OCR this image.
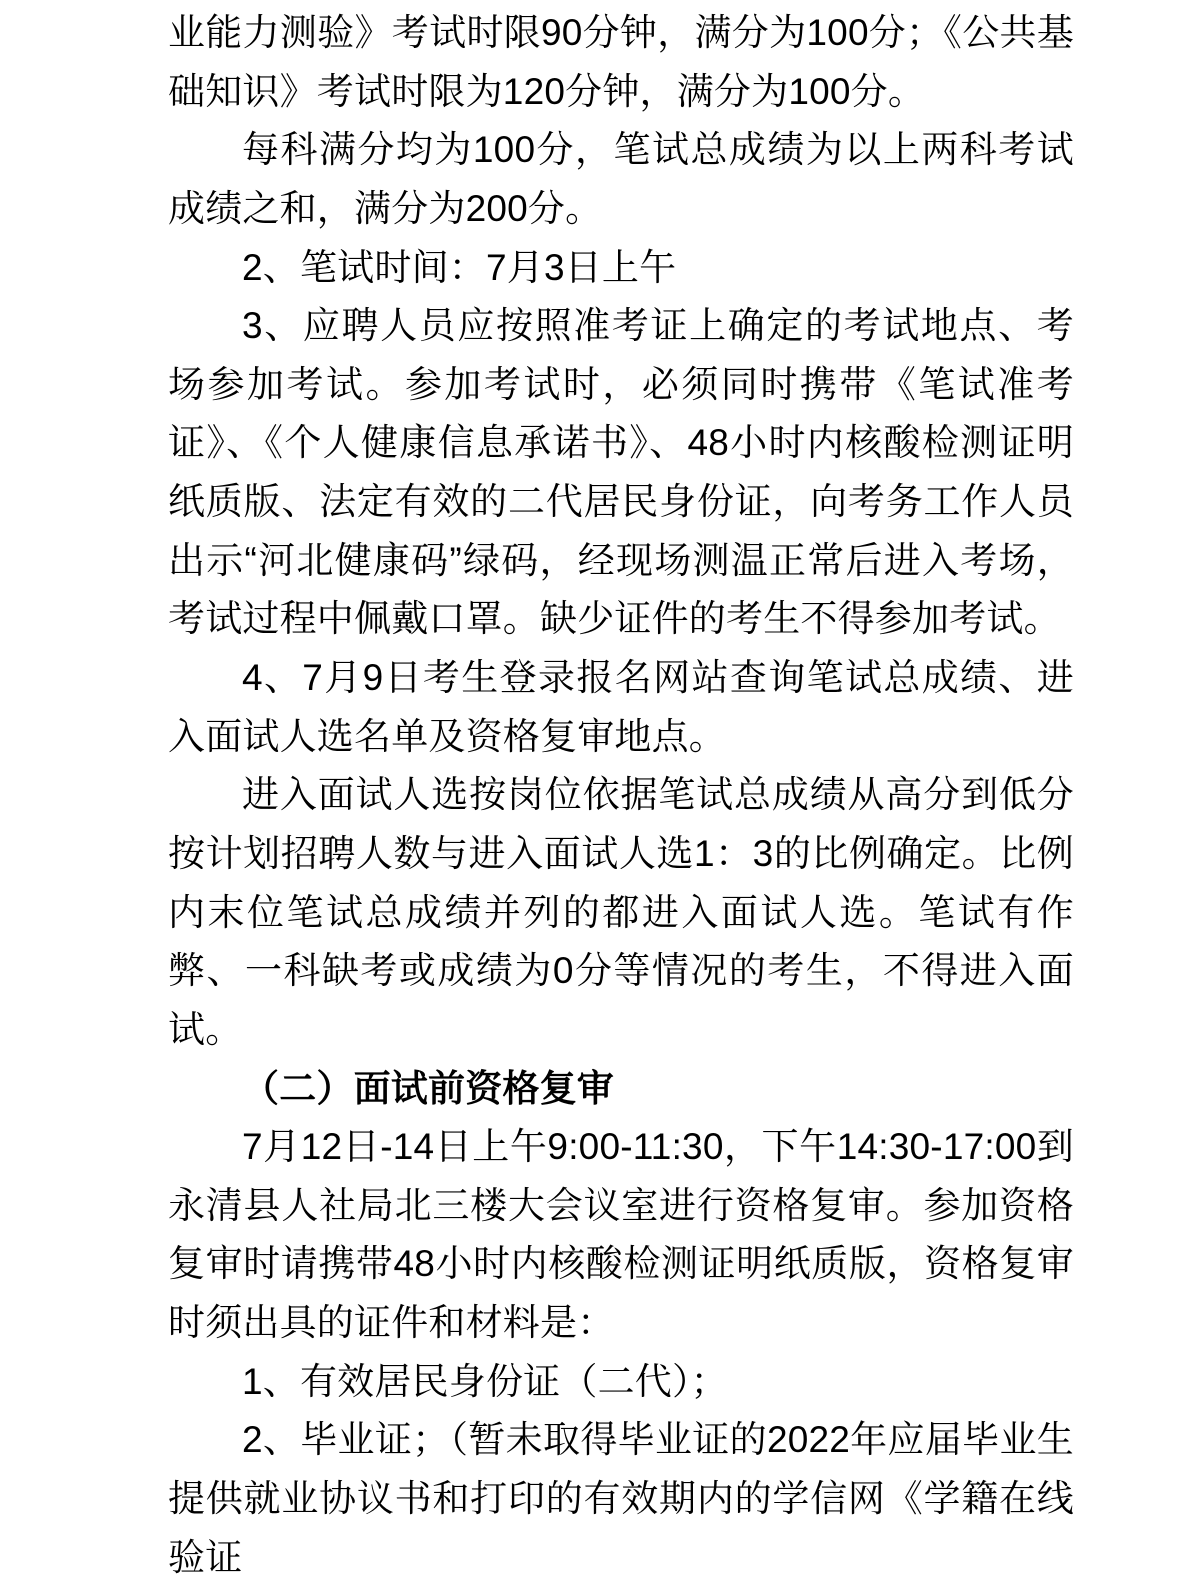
业能力测验》考试时限90分钟，满分为100分；《公共基础知识》考试时限为120分钟，满分为100分。

每科满分均为100分，笔试总成绩为以上两科考试成绩之和，满分为200分。

2、笔试时间：7月3日上午

3、应聘人员应按照准考证上确定的考试地点、考场参加考试。参加考试时，必须同时携带《笔试准考证》、《个人健康信息承诺书》、48小时内核酸检测证明纸质版、法定有效的二代居民身份证，向考务工作人员出示“河北健康码”绿码，经现场测温正常后进入考场，考试过程中佩戴口罩。缺少证件的考生不得参加考试。

4、7月9日考生登录报名网站查询笔试总成绩、进入面试人选名单及资格复审地点。

进入面试人选按岗位依据笔试总成绩从高分到低分按计划招聘人数与进入面试人选1：3的比例确定。比例内末位笔试总成绩并列的都进入面试人选。笔试有作弊、一科缺考或成绩为0分等情况的考生，不得进入面试。

（二）面试前资格复审

7月12日-14日上午9:00-11:30，下午14:30-17:00到永清县人社局北三楼大会议室进行资格复审。参加资格复审时请携带48小时内核酸检测证明纸质版，资格复审时须出具的证件和材料是：

1、有效居民身份证（二代）；

2、毕业证；（暂未取得毕业证的2022年应届毕业生提供就业协议书和打印的有效期内的学信网《学籍在线验证
